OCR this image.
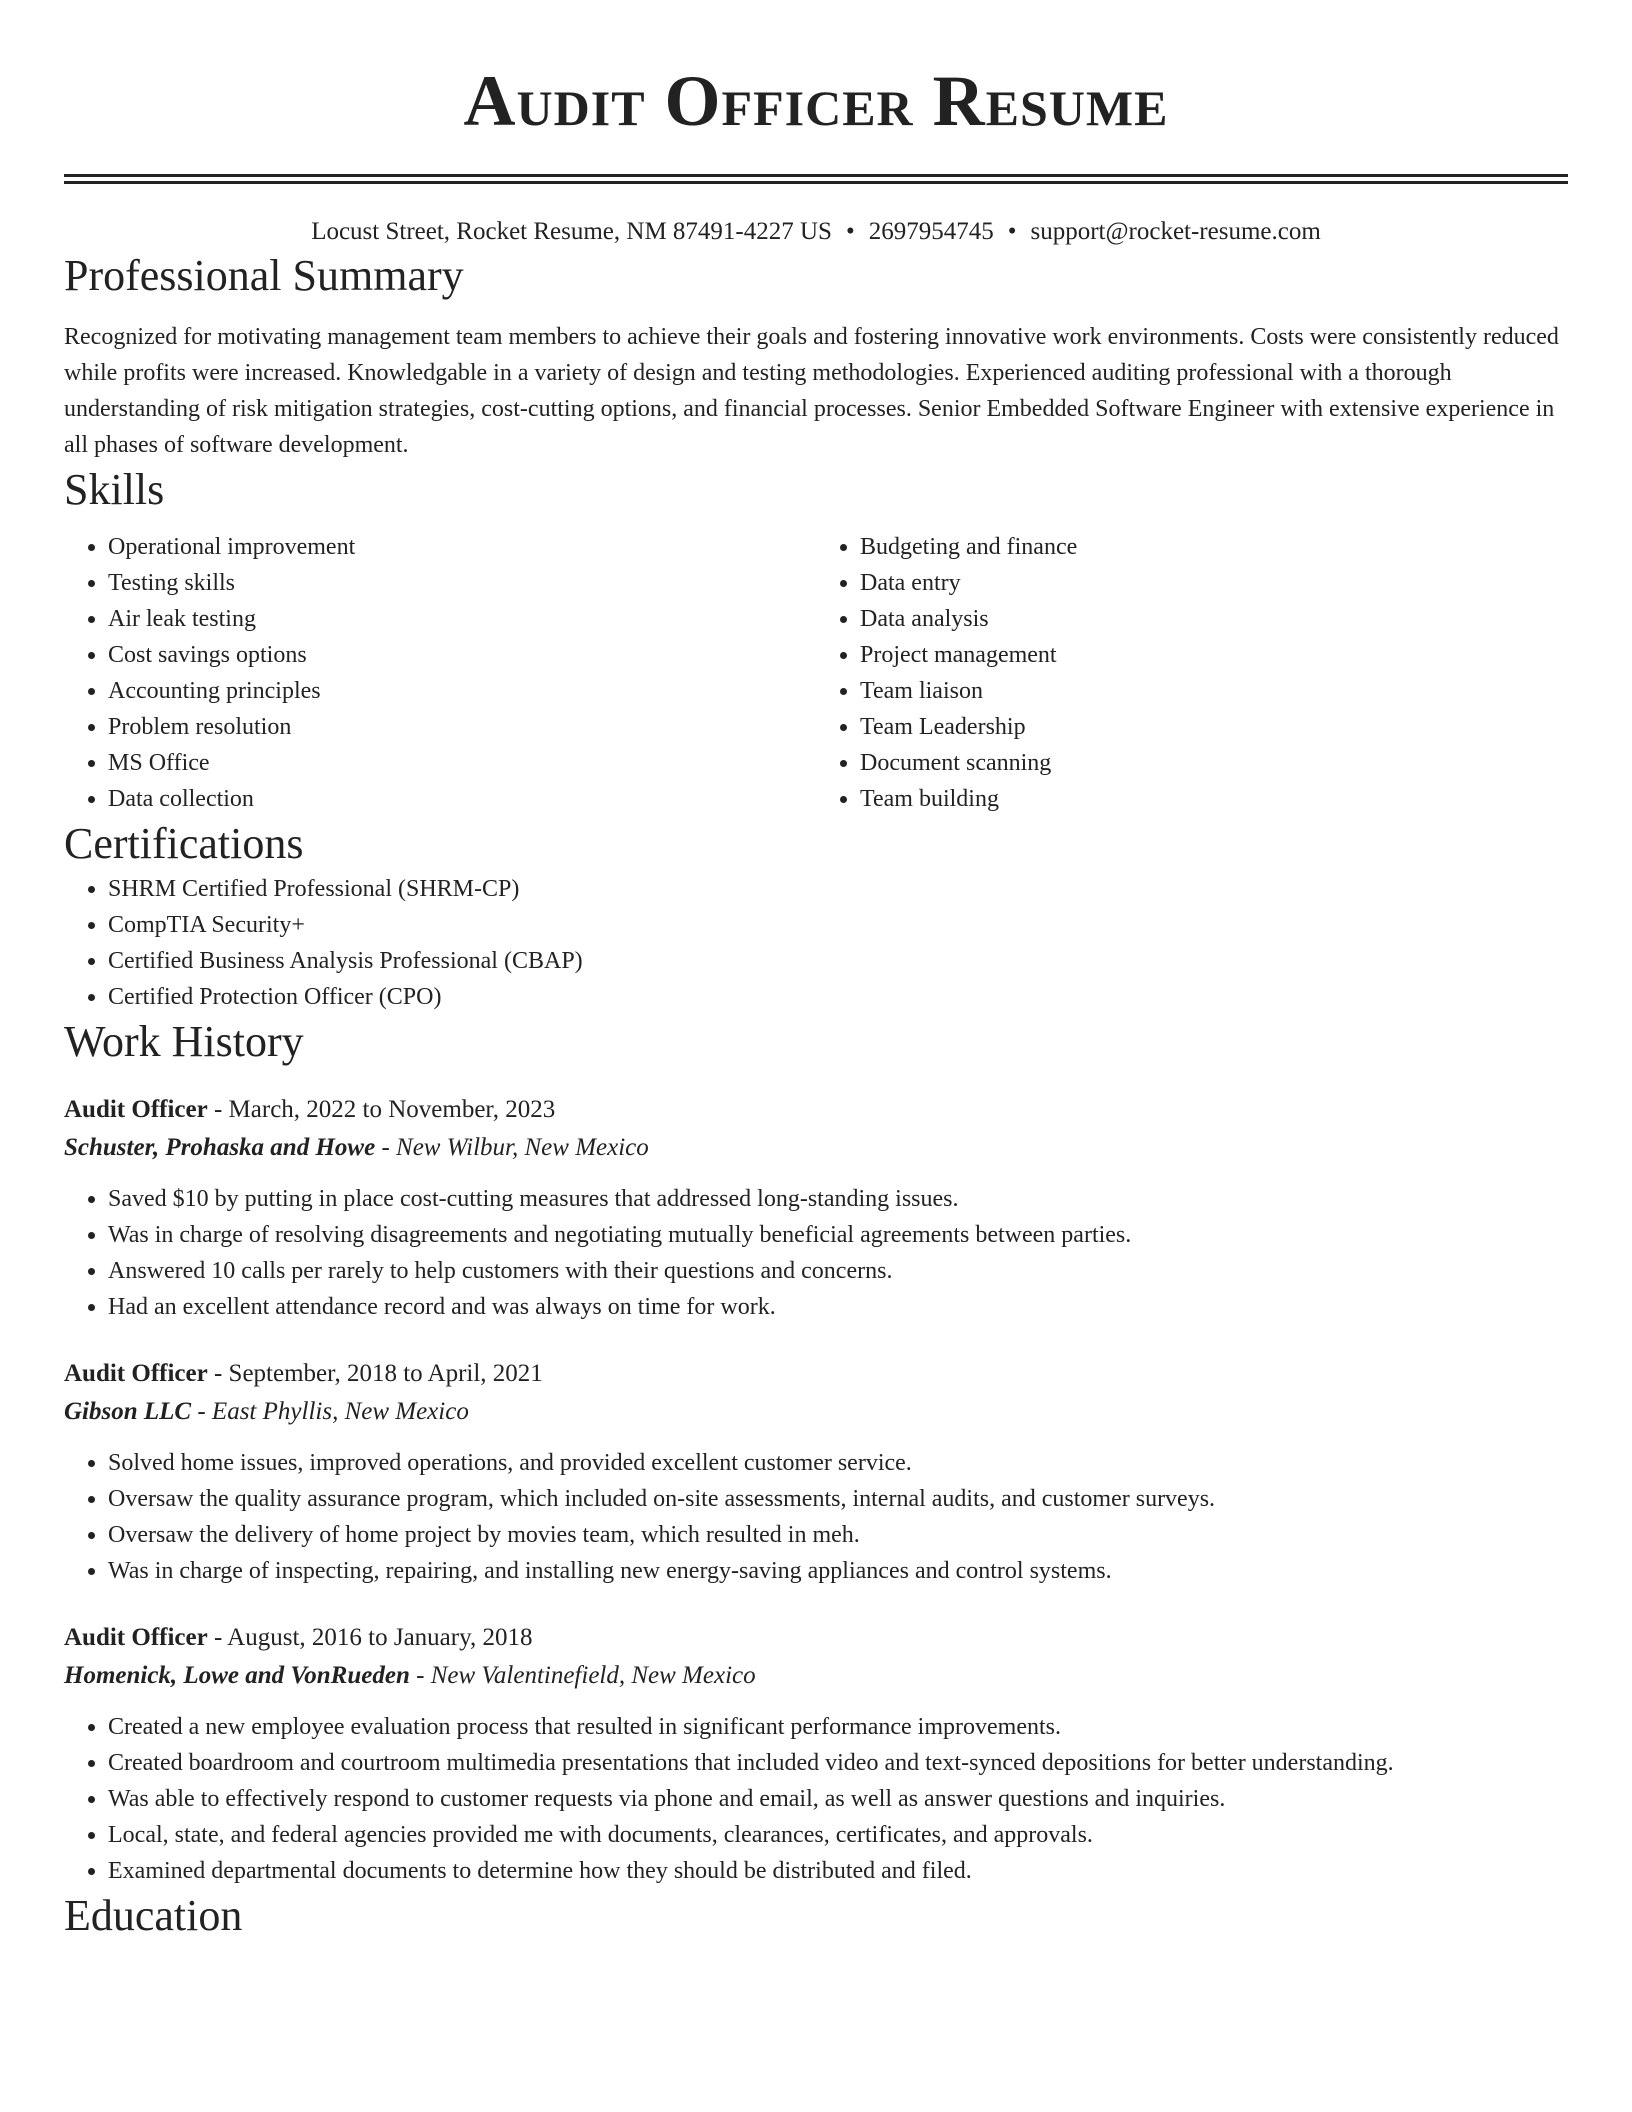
Audit Officer Resume
Locust Street, Rocket Resume, NM 87491-4227 US • 2697954745 • support@rocket-resume.com
Professional Summary

Recognized for motivating management team members to achieve their goals and fostering innovative work environments. Costs were consistently reduced while profits were increased. Knowledgable in a variety of design and testing methodologies. Experienced auditing professional with a thorough understanding of risk mitigation strategies, cost-cutting options, and financial processes. Senior Embedded Software Engineer with extensive experience in all phases of software development.

Skills
• Operational improvement
• Testing skills
• Air leak testing
• Cost savings options
• Accounting principles
• Problem resolution
• MS Office
• Data collection
• Budgeting and finance
• Data entry
• Data analysis
• Project management
• Team liaison
• Team Leadership
• Document scanning
• Team building
Certifications
• SHRM Certified Professional (SHRM-CP)
• CompTIA Security+
• Certified Business Analysis Professional (CBAP)
• Certified Protection Officer (CPO)
Work History
Audit Officer - March, 2022 to November, 2023
Schuster, Prohaska and Howe - New Wilbur, New Mexico
• Saved $10 by putting in place cost-cutting measures that addressed long-standing issues.
• Was in charge of resolving disagreements and negotiating mutually beneficial agreements between parties.
• Answered 10 calls per rarely to help customers with their questions and concerns.
• Had an excellent attendance record and was always on time for work.
Audit Officer - September, 2018 to April, 2021
Gibson LLC - East Phyllis, New Mexico
• Solved home issues, improved operations, and provided excellent customer service.
• Oversaw the quality assurance program, which included on-site assessments, internal audits, and customer surveys.
• Oversaw the delivery of home project by movies team, which resulted in meh.
• Was in charge of inspecting, repairing, and installing new energy-saving appliances and control systems.
Audit Officer - August, 2016 to January, 2018
Homenick, Lowe and VonRueden - New Valentinefield, New Mexico
• Created a new employee evaluation process that resulted in significant performance improvements.
• Created boardroom and courtroom multimedia presentations that included video and text-synced depositions for better understanding.
• Was able to effectively respond to customer requests via phone and email, as well as answer questions and inquiries.
• Local, state, and federal agencies provided me with documents, clearances, certificates, and approvals.
• Examined departmental documents to determine how they should be distributed and filed.
Education
